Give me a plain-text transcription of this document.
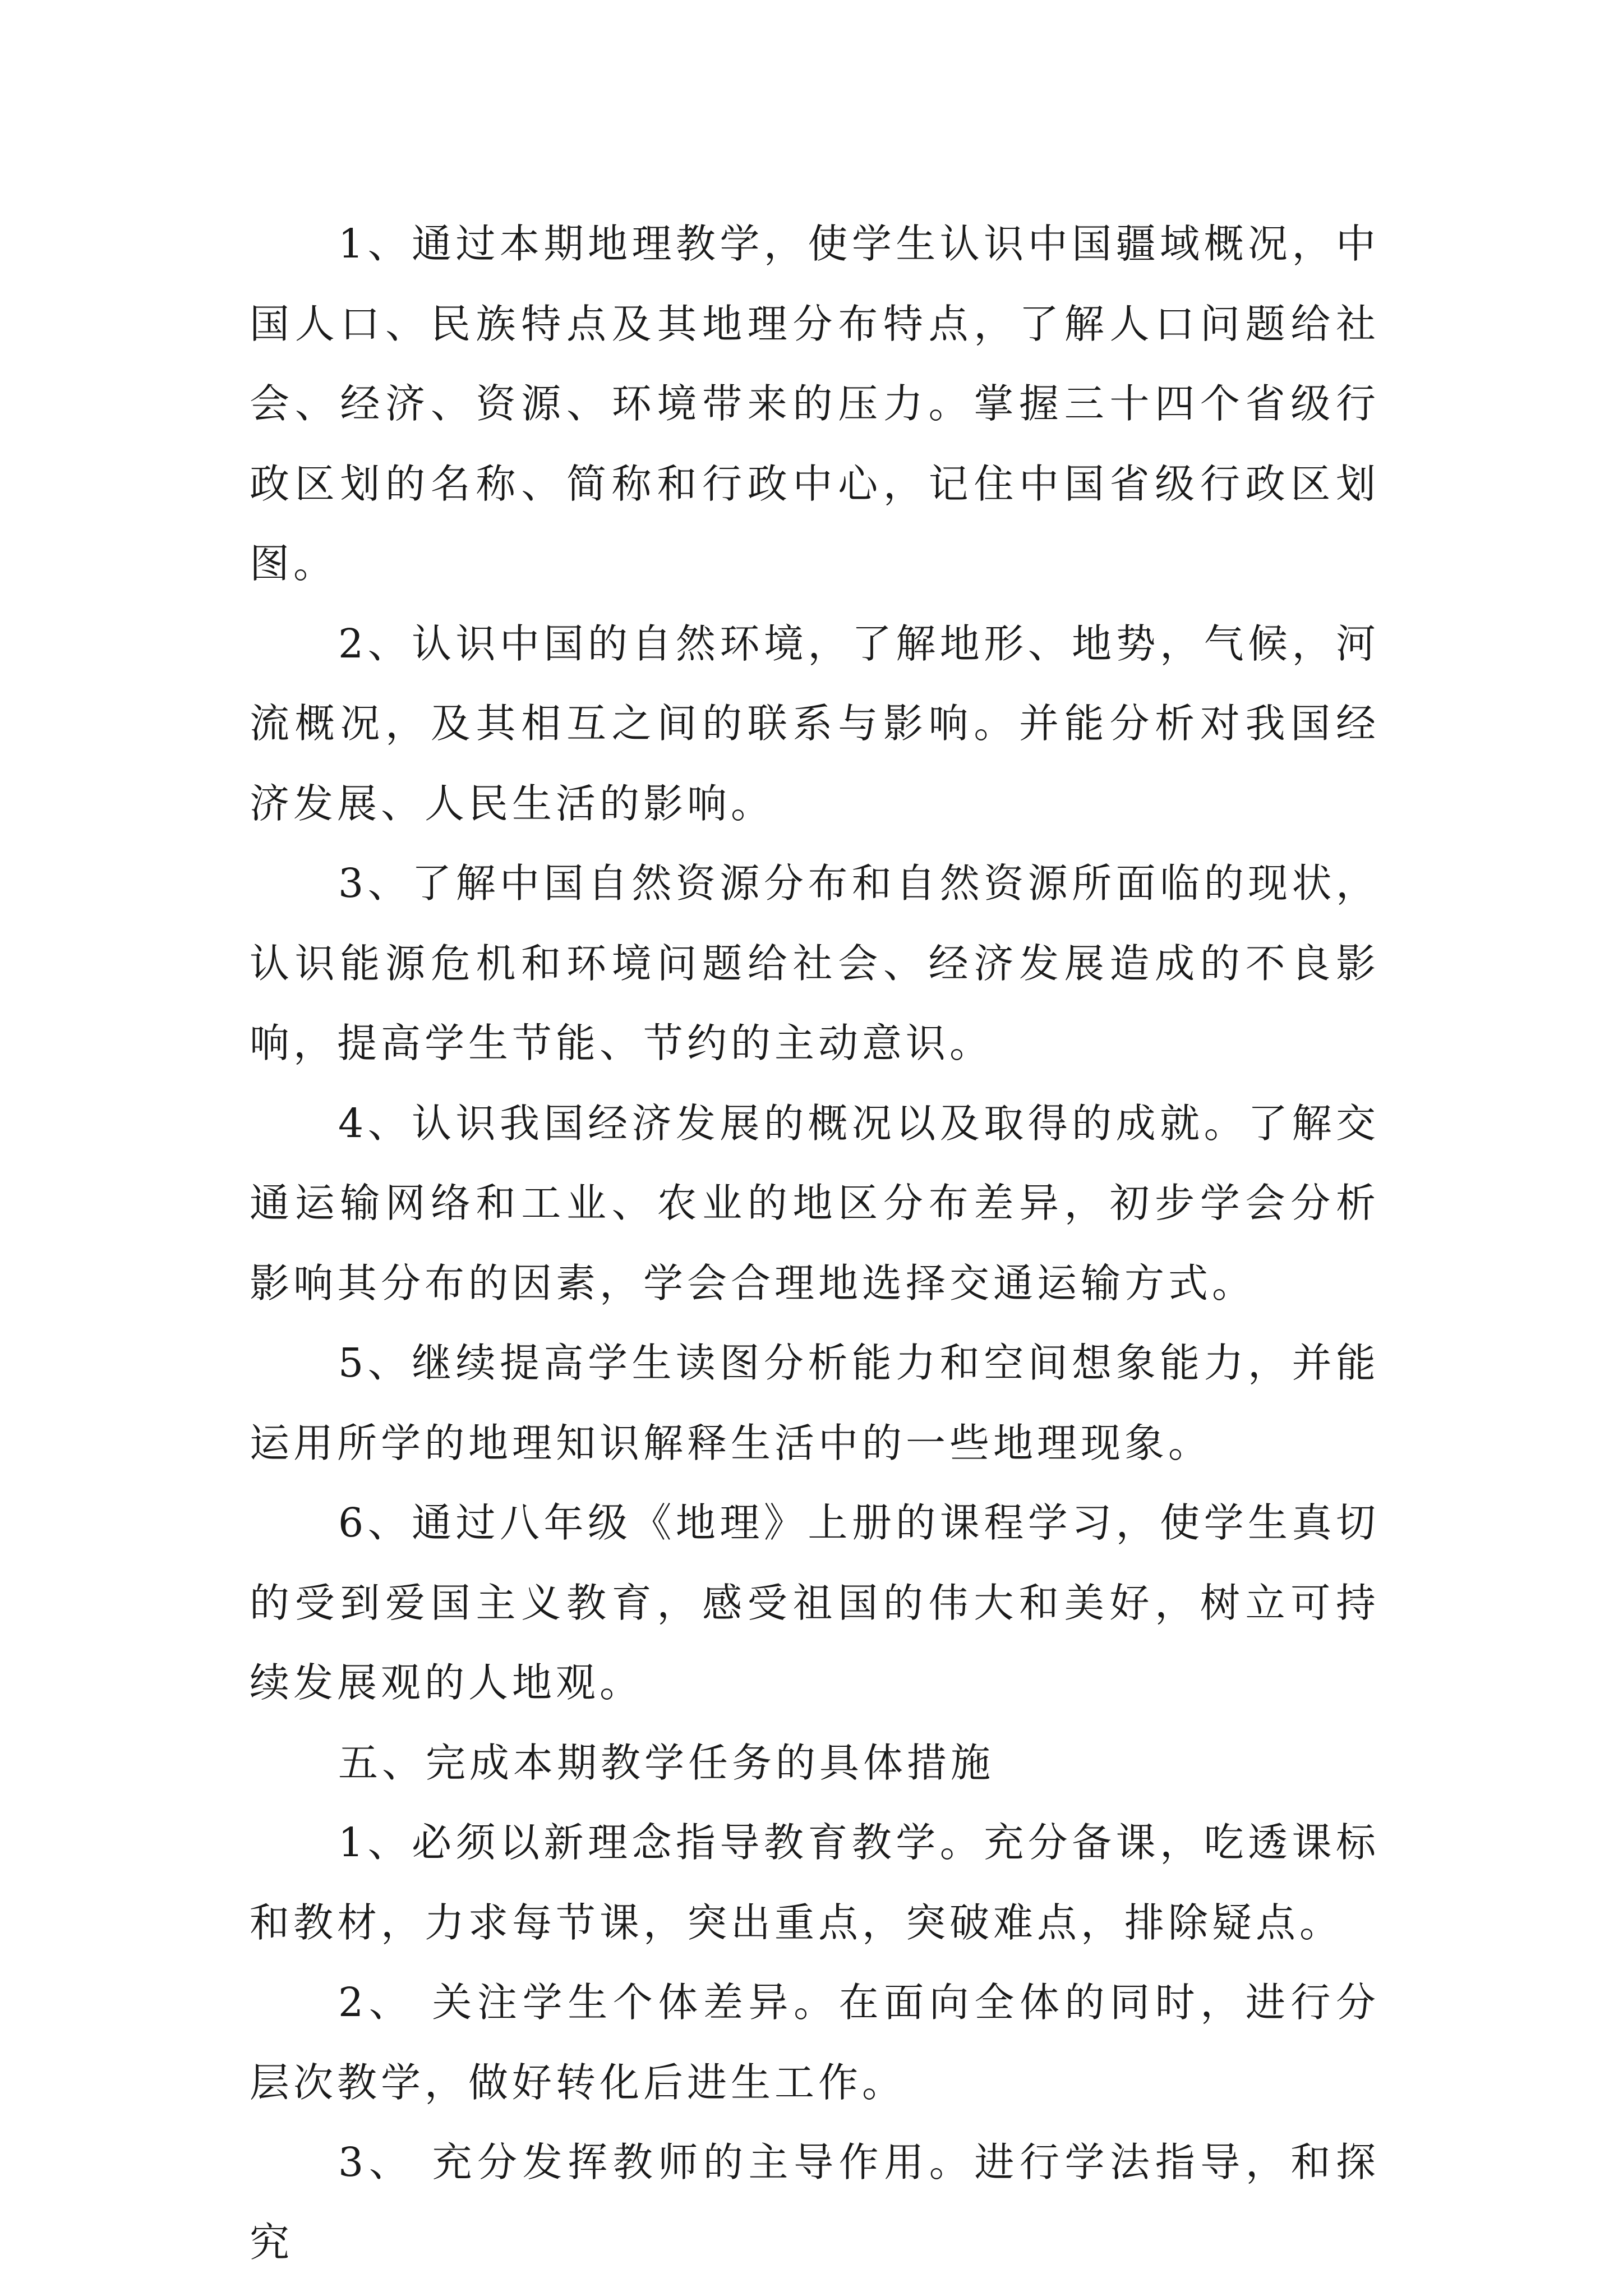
1、通过本期地理教学，使学生认识中国疆域概况，中国人口、民族特点及其地理分布特点，了解人口问题给社会、经济、资源、环境带来的压力。掌握三十四个省级行政区划的名称、简称和行政中心，记住中国省级行政区划图。

2、认识中国的自然环境，了解地形、地势，气候，河流概况，及其相互之间的联系与影响。并能分析对我国经济发展、人民生活的影响。

3、了解中国自然资源分布和自然资源所面临的现状，认识能源危机和环境问题给社会、经济发展造成的不良影响，提高学生节能、节约的主动意识。

4、认识我国经济发展的概况以及取得的成就。了解交通运输网络和工业、农业的地区分布差异，初步学会分析影响其分布的因素，学会合理地选择交通运输方式。

5、继续提高学生读图分析能力和空间想象能力，并能运用所学的地理知识解释生活中的一些地理现象。

6、通过八年级《地理》上册的课程学习，使学生真切的受到爱国主义教育，感受祖国的伟大和美好，树立可持续发展观的人地观。

五、完成本期教学任务的具体措施

1、必须以新理念指导教育教学。充分备课，吃透课标和教材，力求每节课，突出重点，突破难点，排除疑点。

2、 关注学生个体差异。在面向全体的同时，进行分层次教学，做好转化后进生工作。

3、 充分发挥教师的主导作用。进行学法指导，和探究
